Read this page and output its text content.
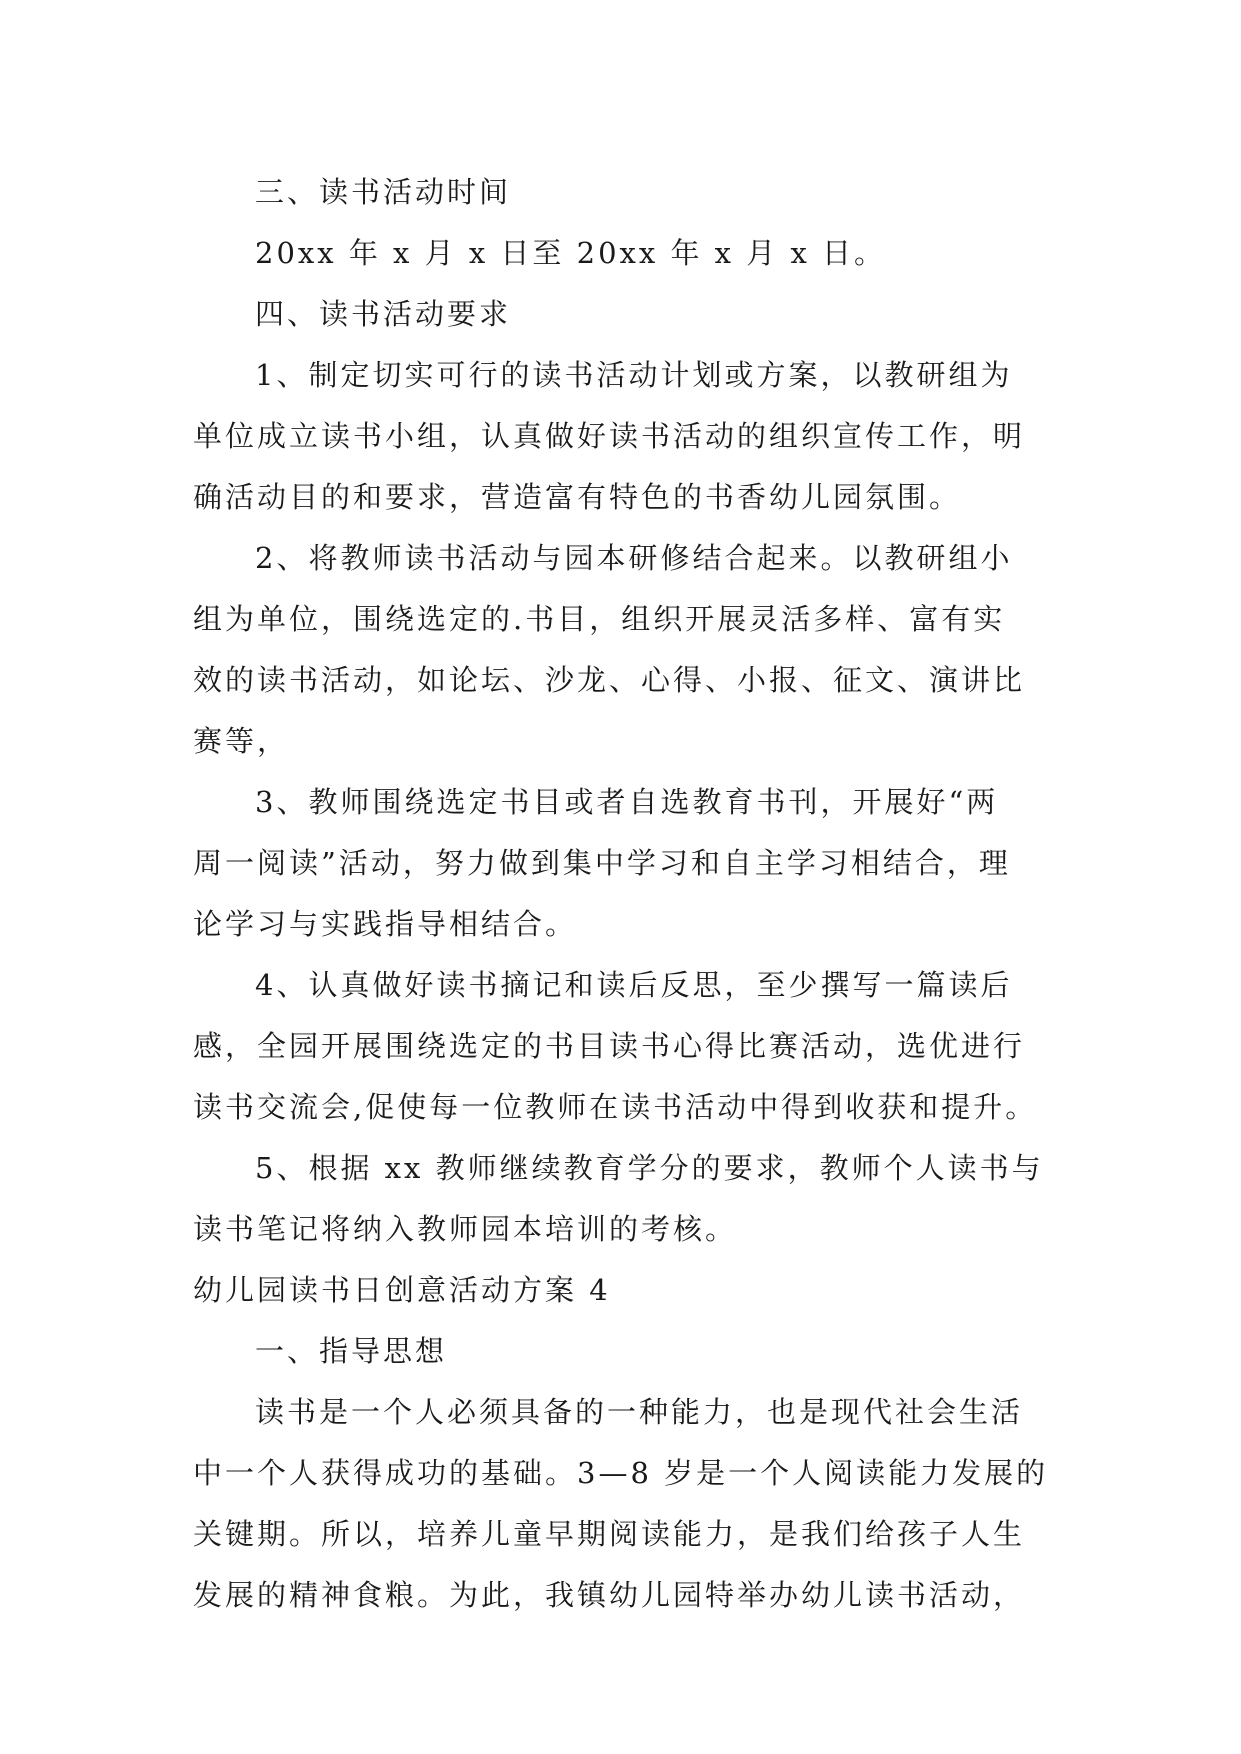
三、读书活动时间

20xx 年 x 月 x 日至 20xx 年 x 月 x 日。

四、读书活动要求

1、制定切实可行的读书活动计划或方案，以教研组为
单位成立读书小组，认真做好读书活动的组织宣传工作，明
确活动目的和要求，营造富有特色的书香幼儿园氛围。

2、将教师读书活动与园本研修结合起来。以教研组小
组为单位，围绕选定的.书目，组织开展灵活多样、富有实
效的读书活动，如论坛、沙龙、心得、小报、征文、演讲比
赛等，

3、教师围绕选定书目或者自选教育书刊，开展好“两
周一阅读”活动，努力做到集中学习和自主学习相结合，理
论学习与实践指导相结合。

4、认真做好读书摘记和读后反思，至少撰写一篇读后
感，全园开展围绕选定的书目读书心得比赛活动，选优进行
读书交流会,促使每一位教师在读书活动中得到收获和提升。

5、根据 xx 教师继续教育学分的要求，教师个人读书与
读书笔记将纳入教师园本培训的考核。

幼儿园读书日创意活动方案 4

一、指导思想

读书是一个人必须具备的一种能力，也是现代社会生活
中一个人获得成功的基础。3—8 岁是一个人阅读能力发展的
关键期。所以，培养儿童早期阅读能力，是我们给孩子人生
发展的精神食粮。为此，我镇幼儿园特举办幼儿读书活动，
